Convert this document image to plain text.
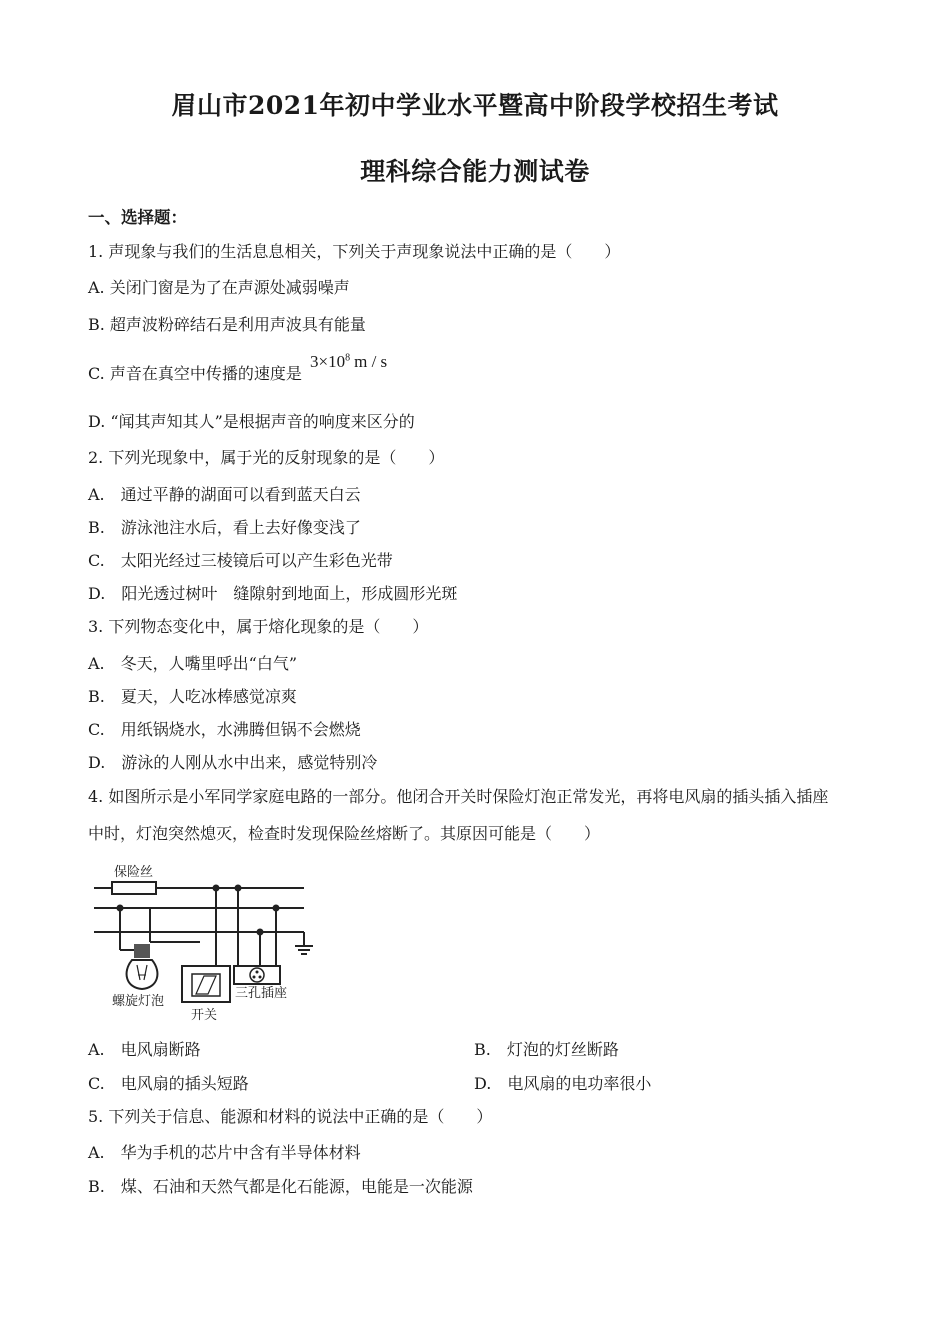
眉山市2021年初中学业水平暨高中阶段学校招生考试
理科综合能力测试卷
一、选择题：
1. 声现象与我们的生活息息相关，下列关于声现象说法中正确的是（　　）
A. 关闭门窗是为了在声源处减弱噪声
B. 超声波粉碎结石是利用声波具有能量
C. 声音在真空中传播的速度是
$3\times 10^8$ m / s
D. “闻其声知其人”是根据声音的响度来区分的
2. 下列光现象中，属于光的反射现象的是（　　）
A.　通过平静的湖面可以看到蓝天白云
B.　游泳池注水后，看上去好像变浅了
C.　太阳光经过三棱镜后可以产生彩色光带
D.　阳光透过树叶　缝隙射到地面上，形成圆形光斑
3. 下列物态变化中，属于熔化现象的是（　　）
A.　冬天，人嘴里呼出“白气”
B.　夏天，人吃冰棒感觉凉爽
C.　用纸锅烧水，水沸腾但锅不会燃烧
D.　游泳的人刚从水中出来，感觉特别冷
4. 如图所示是小军同学家庭电路的一部分。他闭合开关时保险灯泡正常发光，再将电风扇的插头插入插座
中时，灯泡突然熄灭，检查时发现保险丝熔断了。其原因可能是（　　）
保险丝
螺旋灯泡
开关
三孔插座
A.　电风扇断路	B.　灯泡的灯丝断路
C.　电风扇的插头短路	D.　电风扇的电功率很小
5. 下列关于信息、能源和材料的说法中正确的是（　　）
A.　华为手机的芯片中含有半导体材料
B.　煤、石油和天然气都是化石能源，电能是一次能源
